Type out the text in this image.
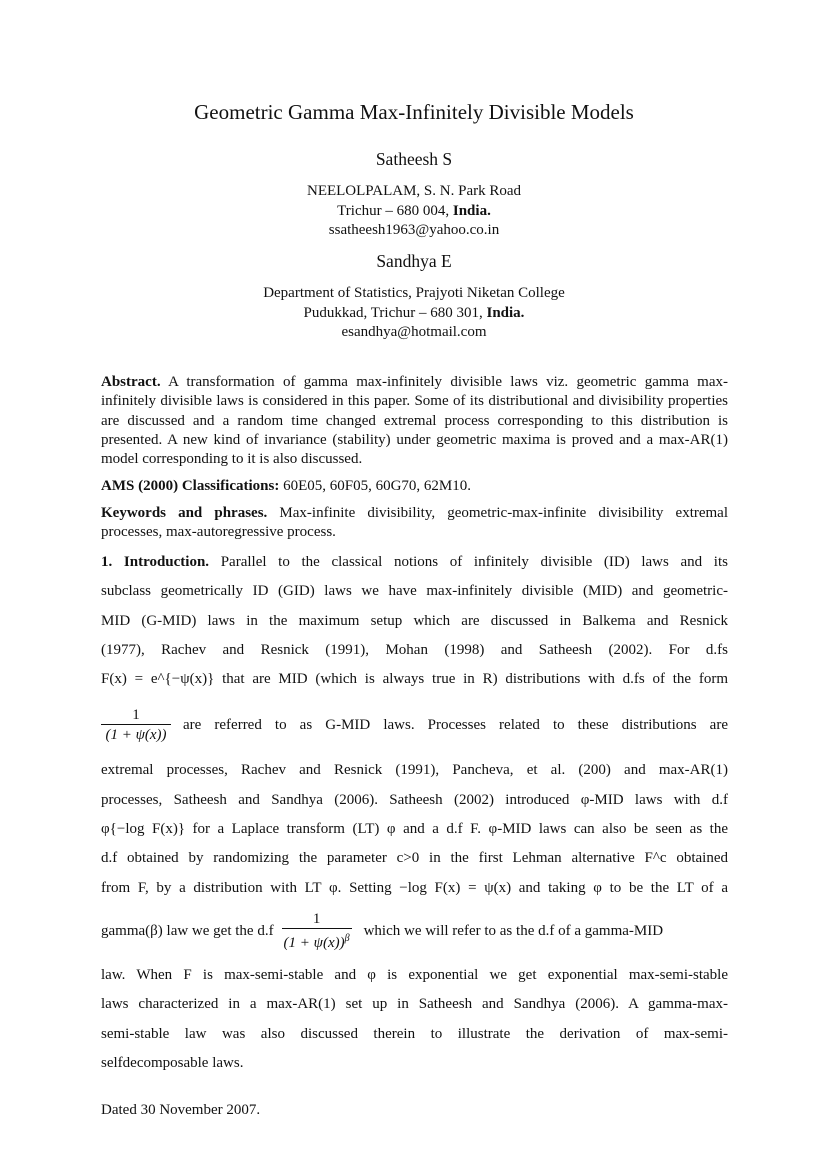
Geometric Gamma Max-Infinitely Divisible Models
Satheesh S
NEELOLPALAM, S. N. Park Road
Trichur – 680 004, India.
ssatheesh1963@yahoo.co.in
Sandhya E
Department of Statistics, Prajyoti Niketan College
Pudukkad, Trichur – 680 301, India.
esandhya@hotmail.com
Abstract. A transformation of gamma max-infinitely divisible laws viz. geometric gamma max-infinitely divisible laws is considered in this paper. Some of its distributional and divisibility properties are discussed and a random time changed extremal process corresponding to this distribution is presented. A new kind of invariance (stability) under geometric maxima is proved and a max-AR(1) model corresponding to it is also discussed.
AMS (2000) Classifications: 60E05, 60F05, 60G70, 62M10.
Keywords and phrases. Max-infinite divisibility, geometric-max-infinite divisibility extremal processes, max-autoregressive process.
1. Introduction. Parallel to the classical notions of infinitely divisible (ID) laws and its
subclass geometrically ID (GID) laws we have max-infinitely divisible (MID) and geometric-
MID (G-MID) laws in the maximum setup which are discussed in Balkema and Resnick
(1977), Rachev and Resnick (1991), Mohan (1998) and Satheesh (2002). For d.fs
F(x) = e^{−ψ(x)} that are MID (which is always true in R) distributions with d.fs of the form
$\frac{1}{(1 + \psi(x))}$ are referred to as G-MID laws. Processes related to these distributions are
extremal processes, Rachev and Resnick (1991), Pancheva, et al. (200) and max-AR(1)
processes, Satheesh and Sandhya (2006). Satheesh (2002) introduced φ-MID laws with d.f
φ{−log F(x)} for a Laplace transform (LT) φ and a d.f F. φ-MID laws can also be seen as the
d.f obtained by randomizing the parameter c>0 in the first Lehman alternative F^c obtained
from F, by a distribution with LT φ. Setting −log F(x) = ψ(x) and taking φ to be the LT of a
gamma(β) law we get the $d.f \frac{1}{(1 + \psi(x))^\beta}$ which we will refer to as the d.f of a gamma-MID
law. When F is max-semi-stable and φ is exponential we get exponential max-semi-stable
laws characterized in a max-AR(1) set up in Satheesh and Sandhya (2006). A gamma-max-
semi-stable law was also discussed therein to illustrate the derivation of max-semi-
selfdecomposable laws.
Dated 30 November 2007.
